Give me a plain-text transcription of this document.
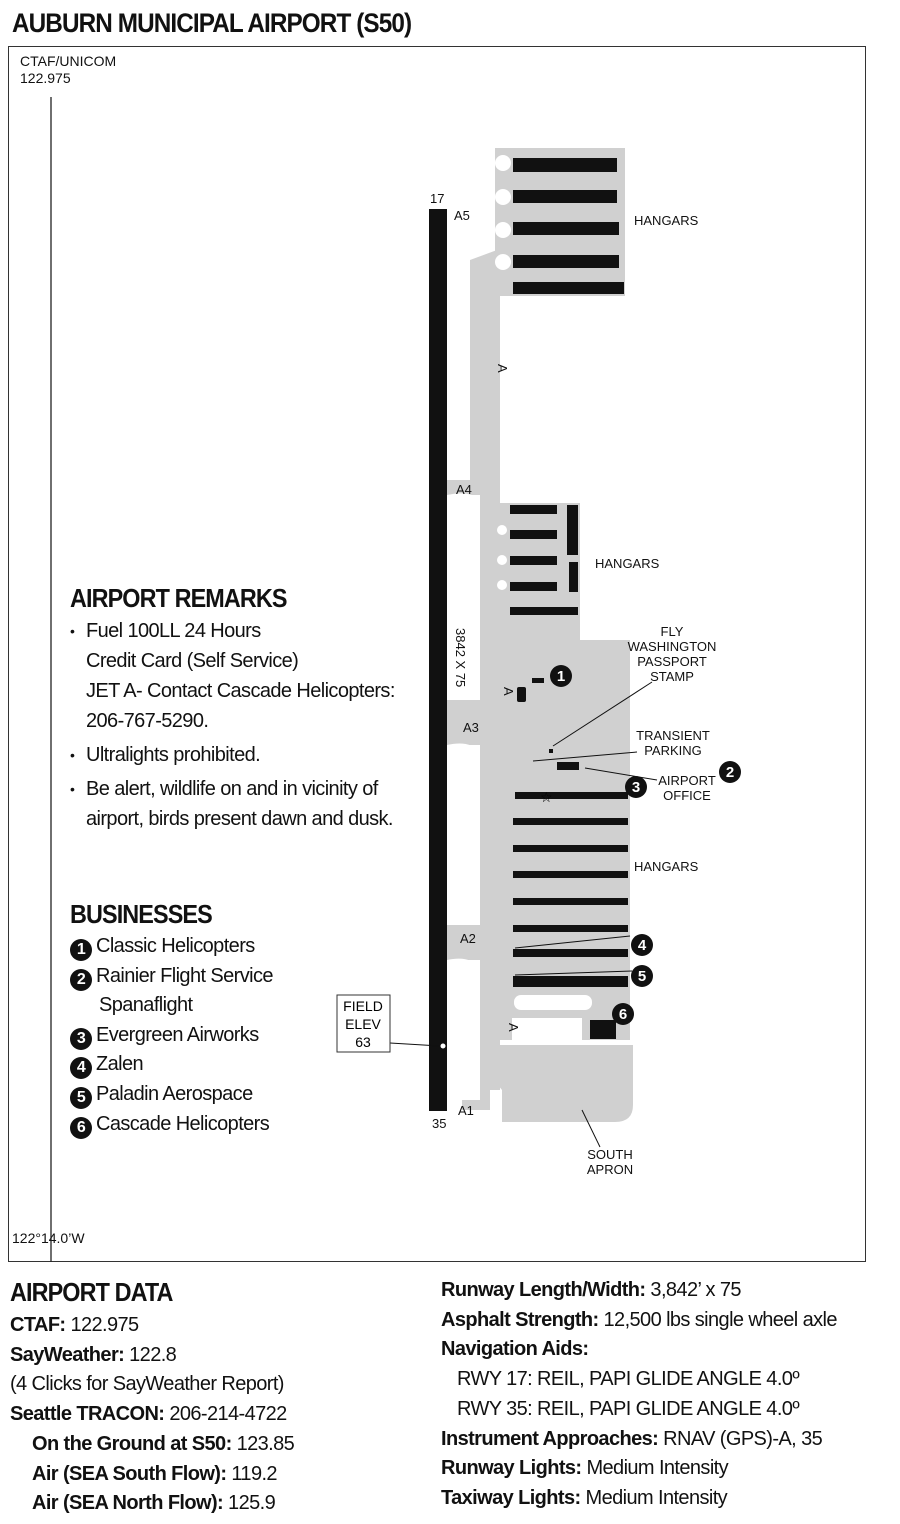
AUBURN MUNICIPAL AIRPORT (S50)
CTAF/UNICOM
122.975
122°14.0’W
☆
17
35
A5
A4
A3
A2
A1
A
A
A
3842 X 75
HANGARS
HANGARS
HANGARS
FLY
WASHINGTON
PASSPORT
STAMP
TRANSIENT
PARKING
AIRPORT
OFFICE
SOUTH
APRON
FIELD
ELEV
63
1
2
3
4
5
6
AIRPORT REMARKS
• Fuel 100LL 24 Hours
Credit Card (Self Service)
JET A- Contact Cascade Helicopters:
206-767-5290.
• Ultralights prohibited.
• Be alert, wildlife on and in vicinity of
airport, birds present dawn and dusk.
BUSINESSES
1 Classic Helicopters
2 Rainier Flight Service
Spanaflight
3 Evergreen Airworks
4 Zalen
5 Paladin Aerospace
6 Cascade Helicopters
AIRPORT DATA
CTAF: 122.975
SayWeather: 122.8
(4 Clicks for SayWeather Report)
Seattle TRACON: 206-214-4722
On the Ground at S50: 123.85
Air (SEA South Flow): 119.2
Air (SEA North Flow): 125.9
Runway Length/Width: 3,842’ x 75
Asphalt Strength: 12,500 lbs single wheel axle
Navigation Aids:
RWY 17: REIL, PAPI GLIDE ANGLE 4.0º
RWY 35: REIL, PAPI GLIDE ANGLE 4.0º
Instrument Approaches: RNAV (GPS)-A, 35
Runway Lights: Medium Intensity
Taxiway Lights: Medium Intensity
